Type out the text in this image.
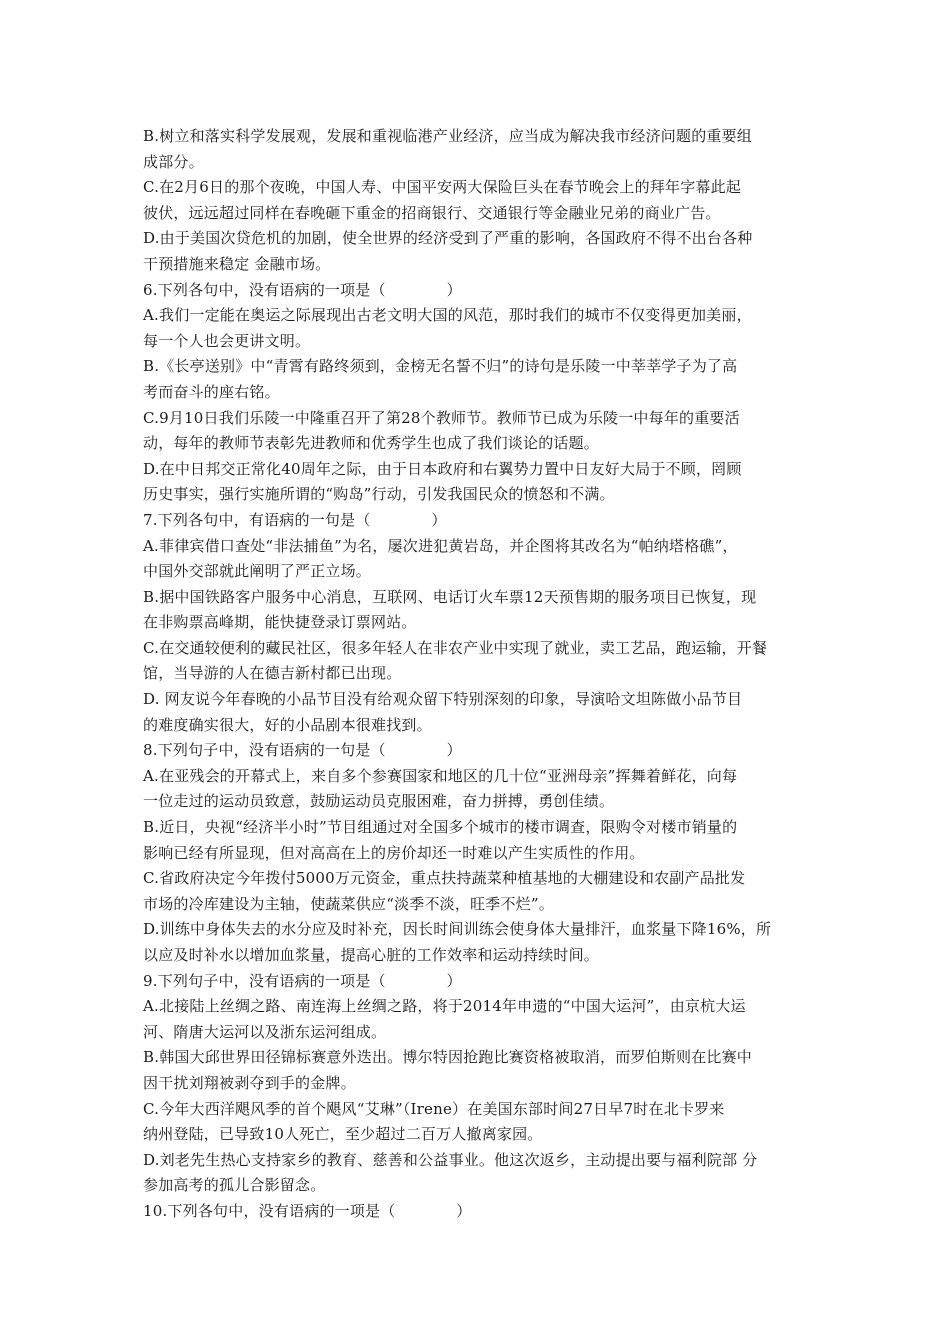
B.树立和落实科学发展观，发展和重视临港产业经济，应当成为解决我市经济问题的重要组
成部分。
C.在2月6日的那个夜晚，中国人寿、中国平安两大保险巨头在春节晚会上的拜年字幕此起
彼伏，远远超过同样在春晚砸下重金的招商银行、交通银行等金融业兄弟的商业广告。
D.由于美国次贷危机的加剧，使全世界的经济受到了严重的影响，各国政府不得不出台各种
干预措施来稳定 金融市场。
6.下列各句中，没有语病的一项是（　　　　）
A.我们一定能在奥运之际展现出古老文明大国的风范，那时我们的城市不仅变得更加美丽，
每一个人也会更讲文明。
B.《长亭送别》中“青霄有路终须到，金榜无名誓不归”的诗句是乐陵一中莘莘学子为了高
考而奋斗的座右铭。
C.9月10日我们乐陵一中隆重召开了第28个教师节。教师节已成为乐陵一中每年的重要活
动，每年的教师节表彰先进教师和优秀学生也成了我们谈论的话题。
D.在中日邦交正常化40周年之际，由于日本政府和右翼势力置中日友好大局于不顾，罔顾
历史事实，强行实施所谓的“购岛”行动，引发我国民众的愤怒和不满。
7.下列各句中，有语病的一句是（　　　　）
A.菲律宾借口查处“非法捕鱼”为名，屡次进犯黄岩岛，并企图将其改名为“帕纳塔格礁”，
中国外交部就此阐明了严正立场。
B.据中国铁路客户服务中心消息，互联网、电话订火车票12天预售期的服务项目已恢复，现
在非购票高峰期，能快捷登录订票网站。
C.在交通较便利的藏民社区，很多年轻人在非农产业中实现了就业，卖工艺品，跑运输，开餐
馆，当导游的人在德吉新村都已出现。
D. 网友说今年春晚的小品节目没有给观众留下特别深刻的印象，导演哈文坦陈做小品节目
的难度确实很大，好的小品剧本很难找到。
8.下列句子中，没有语病的一句是（　　　　）
A.在亚残会的开幕式上，来自多个参赛国家和地区的几十位“亚洲母亲”挥舞着鲜花，向每
一位走过的运动员致意，鼓励运动员克服困难，奋力拼搏，勇创佳绩。
B.近日，央视“经济半小时”节目组通过对全国多个城市的楼市调查，限购令对楼市销量的
影响已经有所显现，但对高高在上的房价却还一时难以产生实质性的作用。
C.省政府决定今年拨付5000万元资金，重点扶持蔬菜种植基地的大棚建设和农副产品批发
市场的冷库建设为主轴，使蔬菜供应“淡季不淡，旺季不烂”。
D.训练中身体失去的水分应及时补充，因长时间训练会使身体大量排汗，血浆量下降16%，所
以应及时补水以增加血浆量，提高心脏的工作效率和运动持续时间。
9.下列句子中，没有语病的一项是（　　　　）
A.北接陆上丝绸之路、南连海上丝绸之路，将于2014年申遗的“中国大运河”，由京杭大运
河、隋唐大运河以及浙东运河组成。
B.韩国大邱世界田径锦标赛意外迭出。博尔特因抢跑比赛资格被取消，而罗伯斯则在比赛中
因干扰刘翔被剥夺到手的金牌。
C.今年大西洋飓风季的首个飓风“艾琳”（Irene）在美国东部时间27日早7时在北卡罗来
纳州登陆，已导致10人死亡，至少超过二百万人撤离家园。
D.刘老先生热心支持家乡的教育、慈善和公益事业。他这次返乡，主动提出要与福利院部 分
参加高考的孤儿合影留念。
10.下列各句中，没有语病的一项是（　　　　）
